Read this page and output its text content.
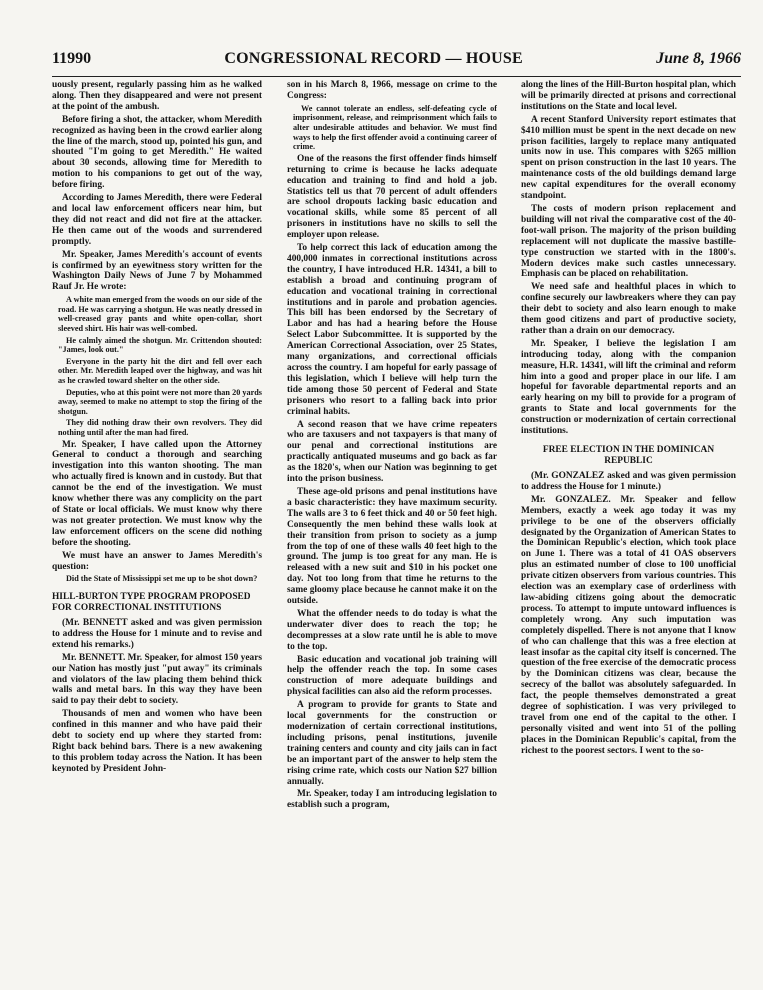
11990	CONGRESSIONAL RECORD — HOUSE	June 8, 1966

uously present, regularly passing him as he walked along. Then they disappeared and were not present at the point of the ambush.

Before firing a shot, the attacker, whom Meredith recognized as having been in the crowd earlier along the line of the march, stood up, pointed his gun, and shouted "I'm going to get Meredith." He waited about 30 seconds, allowing time for Meredith to motion to his companions to get out of the way, before firing.

According to James Meredith, there were Federal and local law enforcement officers near him, but they did not react and did not fire at the attacker. He then came out of the woods and surrendered promptly.

Mr. Speaker, James Meredith's account of events is confirmed by an eyewitness story written for the Washington Daily News of June 7 by Mohammed Rauf Jr. He wrote:

A white man emerged from the woods on our side of the road. He was carrying a shotgun. He was neatly dressed in well-creased gray pants and white open-collar, short sleeved shirt. His hair was well-combed.

He calmly aimed the shotgun. Mr. Crittendon shouted: "James, look out."

Everyone in the party hit the dirt and fell over each other. Mr. Meredith leaped over the highway, and was hit as he crawled toward shelter on the other side.

Deputies, who at this point were not more than 20 yards away, seemed to make no attempt to stop the firing of the shotgun.

They did nothing draw their own revolvers. They did nothing until after the man had fired.

Mr. Speaker, I have called upon the Attorney General to conduct a thorough and searching investigation into this wanton shooting. The man who actually fired is known and in custody. But that cannot be the end of the investigation. We must know whether there was any complicity on the part of State or local officials. We must know why there was not greater protection. We must know why the law enforcement officers on the scene did nothing before the shooting.

We must have an answer to James Meredith's question:

Did the State of Mississippi set me up to be shot down?

HILL-BURTON TYPE PROGRAM PROPOSED FOR CORRECTIONAL INSTITUTIONS

(Mr. BENNETT asked and was given permission to address the House for 1 minute and to revise and extend his remarks.)

Mr. BENNETT. Mr. Speaker, for almost 150 years our Nation has mostly just "put away" its criminals and violators of the law placing them behind thick walls and metal bars. In this way they have been said to pay their debt to society.

Thousands of men and women who have been confined in this manner and who have paid their debt to society end up where they started from: Right back behind bars. There is a new awakening to this problem today across the Nation. It has been keynoted by President John-

son in his March 8, 1966, message on crime to the Congress:

We cannot tolerate an endless, self-defeating cycle of imprisonment, release, and reimprisonment which fails to alter undesirable attitudes and behavior. We must find ways to help the first offender avoid a continuing career of crime.

One of the reasons the first offender finds himself returning to crime is because he lacks adequate education and training to find and hold a job. Statistics tell us that 70 percent of adult offenders are school dropouts lacking basic education and vocational skills, while some 85 percent of all prisoners in institutions have no skills to sell the employer upon release.

To help correct this lack of education among the 400,000 inmates in correctional institutions across the country, I have introduced H.R. 14341, a bill to establish a broad and continuing program of education and vocational training in correctional institutions and in parole and probation agencies. This bill has been endorsed by the Secretary of Labor and has had a hearing before the House Select Labor Subcommittee. It is supported by the American Correctional Association, over 25 States, many organizations, and correctional officials across the country. I am hopeful for early passage of this legislation, which I believe will help turn the tide among those 50 percent of Federal and State prisoners who resort to a falling back into prior criminal habits.

A second reason that we have crime repeaters who are taxusers and not taxpayers is that many of our penal and correctional institutions are practically antiquated museums and go back as far as the 1820's, when our Nation was beginning to get into the prison business.

These age-old prisons and penal institutions have a basic characteristic: they have maximum security. The walls are 3 to 6 feet thick and 40 or 50 feet high. Consequently the men behind these walls look at their transition from prison to society as a jump from the top of one of these walls 40 feet high to the ground. The jump is too great for any man. He is released with a new suit and $10 in his pocket one day. Not too long from that time he returns to the same gloomy place because he cannot make it on the outside.

What the offender needs to do today is what the underwater diver does to reach the top; he decompresses at a slow rate until he is able to move to the top.

Basic education and vocational job training will help the offender reach the top. In some cases construction of more adequate buildings and physical facilities can also aid the reform processes.

A program to provide for grants to State and local governments for the construction or modernization of certain correctional institutions, including prisons, penal institutions, juvenile training centers and county and city jails can in fact be an important part of the answer to help stem the rising crime rate, which costs our Nation $27 billion annually.

Mr. Speaker, today I am introducing legislation to establish such a program,

along the lines of the Hill-Burton hospital plan, which will be primarily directed at prisons and correctional institutions on the State and local level.

A recent Stanford University report estimates that $410 million must be spent in the next decade on new prison facilities, largely to replace many antiquated units now in use. This compares with $265 million spent on prison construction in the last 10 years. The maintenance costs of the old buildings demand large new capital expenditures for the overall economy standpoint.

The costs of modern prison replacement and building will not rival the comparative cost of the 40-foot-wall prison. The majority of the prison building replacement will not duplicate the massive bastille-type construction we started with in the 1800's. Modern devices make such castles unnecessary. Emphasis can be placed on rehabilitation.

We need safe and healthful places in which to confine securely our lawbreakers where they can pay their debt to society and also learn enough to make them good citizens and part of productive society, rather than a drain on our democracy.

Mr. Speaker, I believe the legislation I am introducing today, along with the companion measure, H.R. 14341, will lift the criminal and reform him into a good and proper place in our life. I am hopeful for favorable departmental reports and an early hearing on my bill to provide for a program of grants to State and local governments for the construction or modernization of certain correctional institutions.

FREE ELECTION IN THE DOMINICAN REPUBLIC

(Mr. GONZALEZ asked and was given permission to address the House for 1 minute.)

Mr. GONZALEZ. Mr. Speaker and fellow Members, exactly a week ago today it was my privilege to be one of the observers officially designated by the Organization of American States to the Dominican Republic's election, which took place on June 1. There was a total of 41 OAS observers plus an estimated number of close to 100 unofficial private citizen observers from various countries. This election was an exemplary case of orderliness with law-abiding citizens going about the democratic process. To attempt to impute untoward influences is completely wrong. Any such imputation was completely dispelled. There is not anyone that I know of who can challenge that this was a free election at least insofar as the capital city itself is concerned. The question of the free exercise of the democratic process by the Dominican citizens was clear, because the secrecy of the ballot was absolutely safeguarded. In fact, the people themselves demonstrated a great degree of sophistication. I was very privileged to travel from one end of the capital to the other. I personally visited and went into 51 of the polling places in the Dominican Republic's capital, from the richest to the poorest sectors. I went to the so-
